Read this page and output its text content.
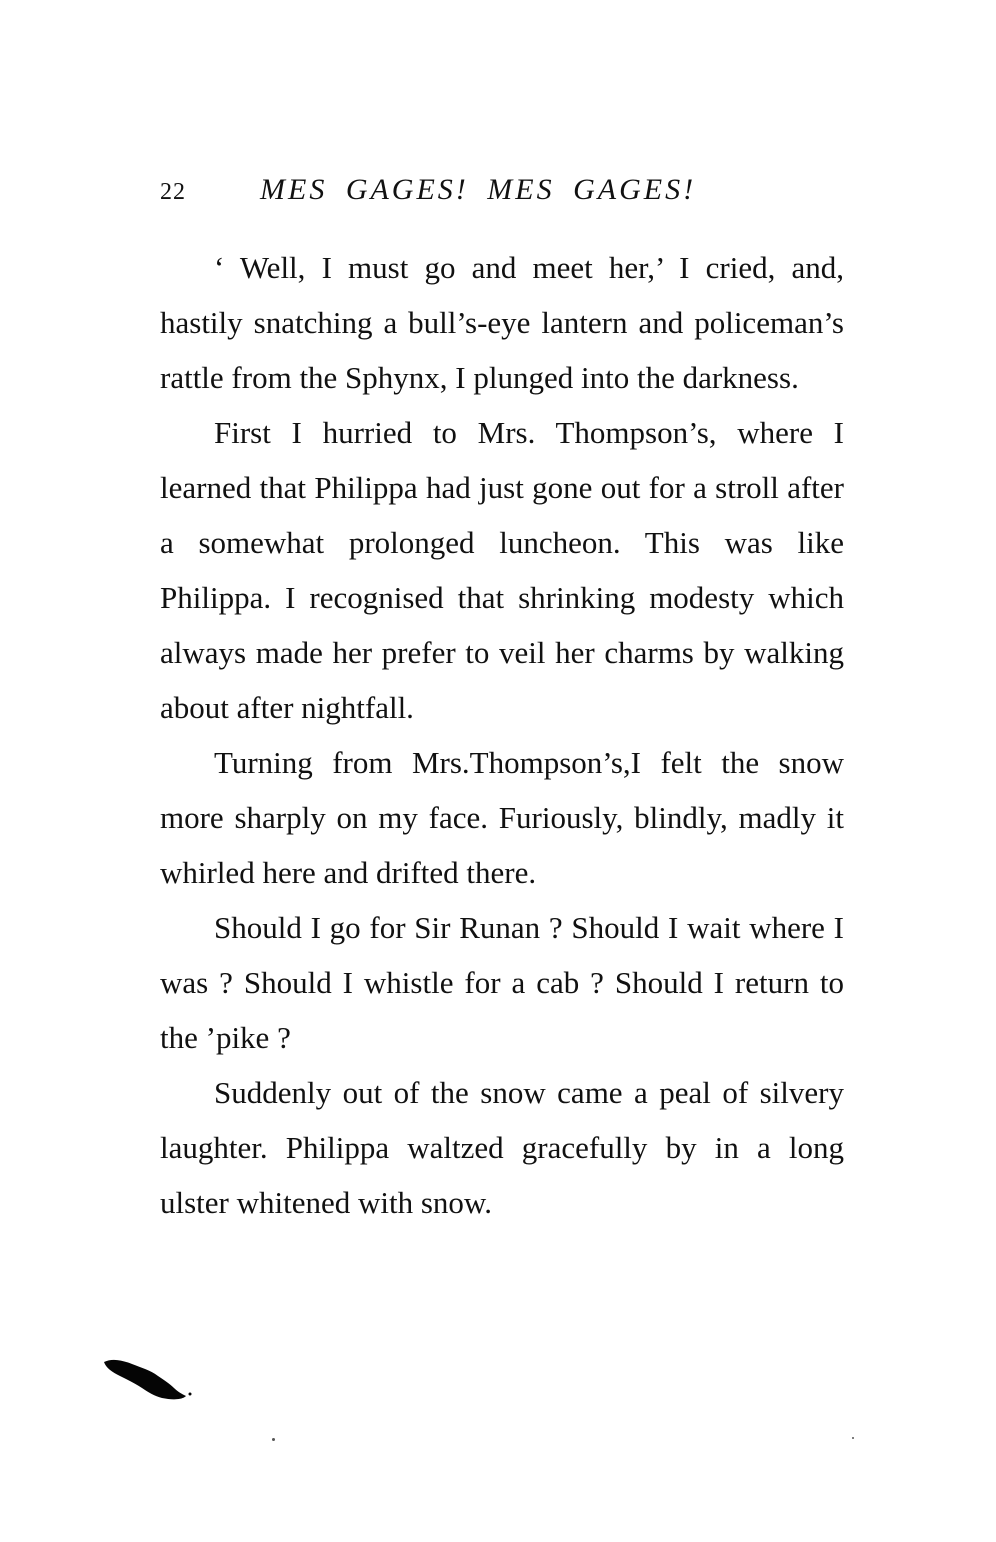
22 MES GAGES! MES GAGES!

‘ Well, I must go and meet her,’ I cried, and, hastily snatching a bull’s-eye lantern and policeman’s rattle from the Sphynx, I plunged into the darkness.

First I hurried to Mrs. Thompson’s, where I learned that Philippa had just gone out for a stroll after a somewhat prolonged luncheon. This was like Philippa. I recognised that shrinking modesty which always made her prefer to veil her charms by walking about after nightfall.

Turning from Mrs.Thompson’s,I felt the snow more sharply on my face. Furiously, blindly, madly it whirled here and drifted there.

Should I go for Sir Runan ? Should I wait where I was ? Should I whistle for a cab ? Should I return to the ’pike ?

Suddenly out of the snow came a peal of silvery laughter. Philippa waltzed gracefully by in a long ulster whitened with snow.
